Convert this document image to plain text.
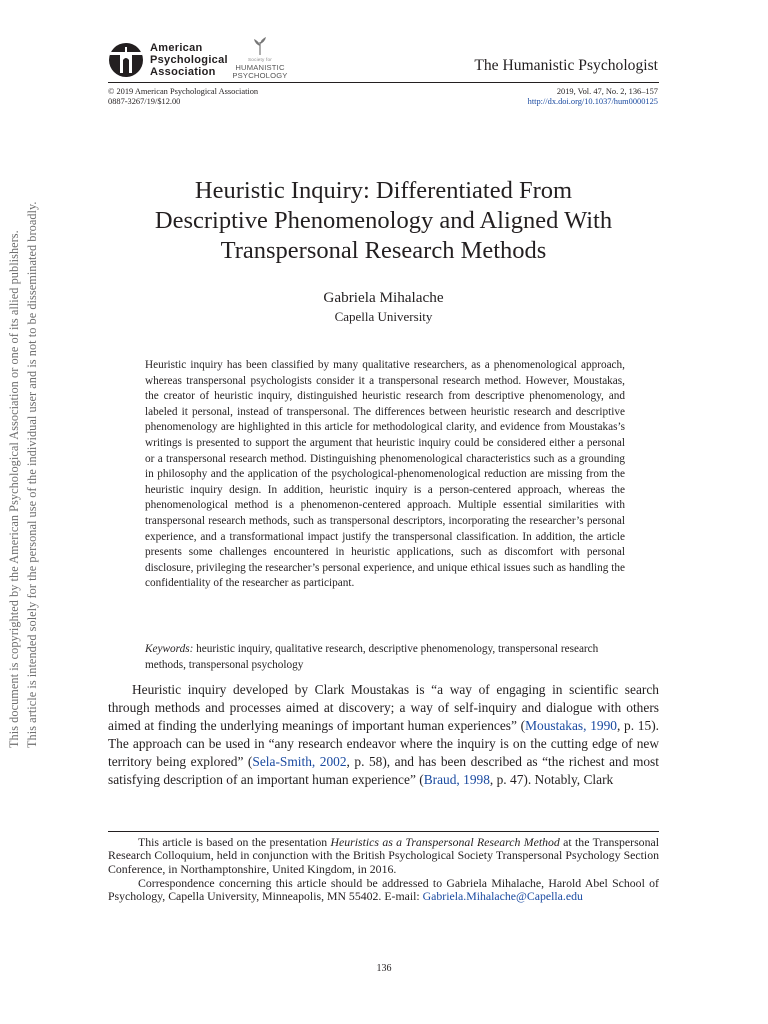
This document is copyrighted by the American Psychological Association or one of its allied publishers. This article is intended solely for the personal use of the individual user and is not to be disseminated broadly.
American
Psychological
Association
Society for
HUMANISTIC
PSYCHOLOGY
The Humanistic Psychologist
© 2019 American Psychological Association
0887-3267/19/$12.00
2019, Vol. 47, No. 2, 136–157
http://dx.doi.org/10.1037/hum0000125
Heuristic Inquiry: Differentiated From
Descriptive Phenomenology and Aligned With
Transpersonal Research Methods
Gabriela Mihalache
Capella University

Heuristic inquiry has been classified by many qualitative researchers, as a phenomenological approach, whereas transpersonal psychologists consider it a transpersonal research method. However, Moustakas, the creator of heuristic inquiry, distinguished heuristic research from descriptive phenomenology, and labeled it personal, instead of transpersonal. The differences between heuristic research and descriptive phenomenology are highlighted in this article for methodological clarity, and evidence from Moustakas’s writings is presented to support the argument that heuristic inquiry could be considered either a personal or a transpersonal research method. Distinguishing phenomenological characteristics such as a grounding in philosophy and the application of the psychological-phenomenological reduction are missing from the heuristic inquiry design. In addition, heuristic inquiry is a person-centered approach, whereas the phenomenological method is a phenomenon-centered approach. Multiple essential similarities with transpersonal research methods, such as transpersonal descriptors, incorporating the researcher’s personal experience, and a transformational impact justify the transpersonal classification. In addition, the article presents some challenges encountered in heuristic applications, such as discomfort with personal disclosure, privileging the researcher’s personal experience, and unique ethical issues such as handling the confidentiality of the researcher as participant.

Keywords: heuristic inquiry, qualitative research, descriptive phenomenology, transpersonal research methods, transpersonal psychology

Heuristic inquiry developed by Clark Moustakas is “a way of engaging in scientific search through methods and processes aimed at discovery; a way of self-inquiry and dialogue with others aimed at finding the underlying meanings of important human experiences” (Moustakas, 1990, p. 15). The approach can be used in “any research endeavor where the inquiry is on the cutting edge of new territory being explored” (Sela-Smith, 2002, p. 58), and has been described as “the richest and most satisfying description of an important human experience” (Braud, 1998, p. 47). Notably, Clark

This article is based on the presentation Heuristics as a Transpersonal Research Method at the Transpersonal Research Colloquium, held in conjunction with the British Psychological Society Transpersonal Psychology Section Conference, in Northamptonshire, United Kingdom, in 2016.

Correspondence concerning this article should be addressed to Gabriela Mihalache, Harold Abel School of Psychology, Capella University, Minneapolis, MN 55402. E-mail: Gabriela.Mihalache@Capella.edu

136
